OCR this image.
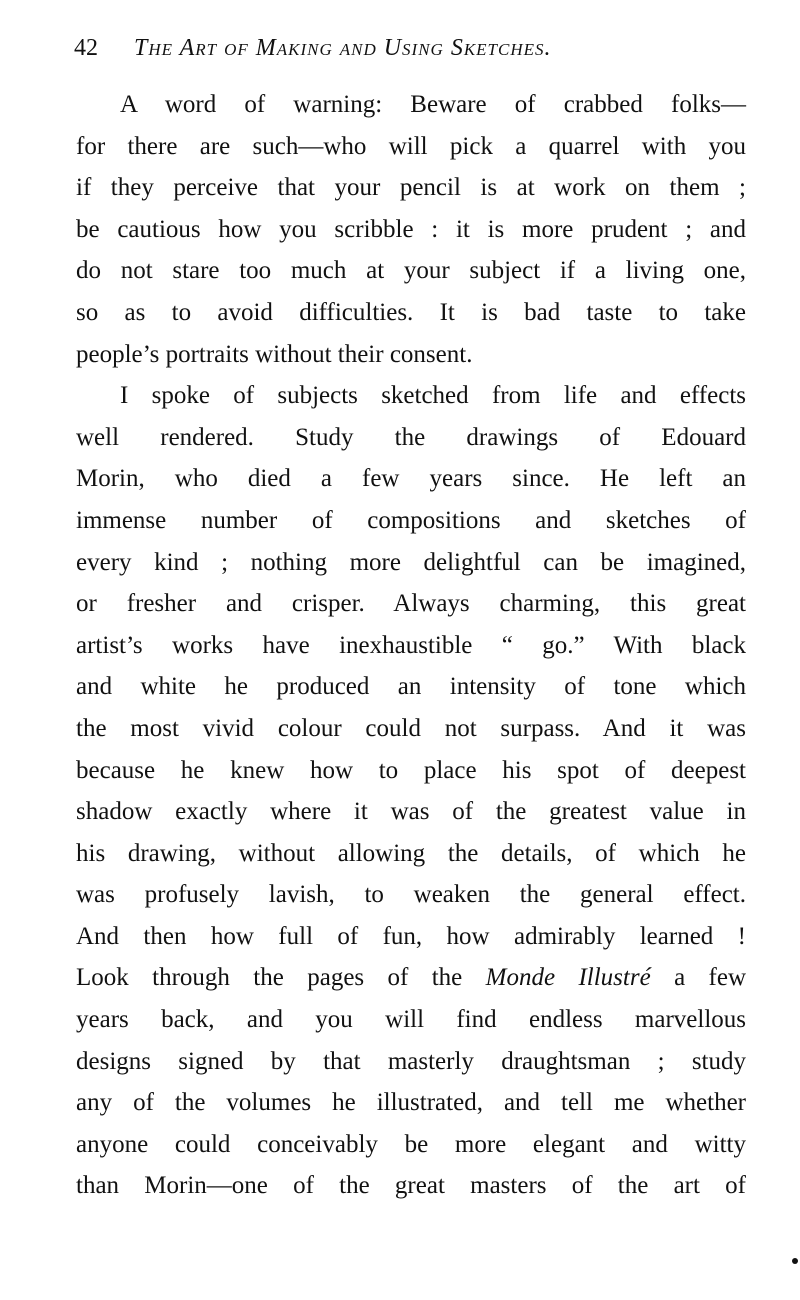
42 The Art of Making and Using Sketches.

A word of warning: Beware of crabbed folks—
for there are such—who will pick a quarrel with you
if they perceive that your pencil is at work on them ;
be cautious how you scribble : it is more prudent ; and
do not stare too much at your subject if a living one,
so as to avoid difficulties. It is bad taste to take
people’s portraits without their consent.

I spoke of subjects sketched from life and effects
well rendered. Study the drawings of Edouard
Morin, who died a few years since. He left an
immense number of compositions and sketches of
every kind ; nothing more delightful can be imagined,
or fresher and crisper. Always charming, this great
artist’s works have inexhaustible “ go.” With black
and white he produced an intensity of tone which
the most vivid colour could not surpass. And it was
because he knew how to place his spot of deepest
shadow exactly where it was of the greatest value in
his drawing, without allowing the details, of which he
was profusely lavish, to weaken the general effect.
And then how full of fun, how admirably learned !
Look through the pages of the Monde Illustré a few
years back, and you will find endless marvellous
designs signed by that masterly draughtsman ; study
any of the volumes he illustrated, and tell me whether
anyone could conceivably be more elegant and witty
than Morin—one of the great masters of the art of
